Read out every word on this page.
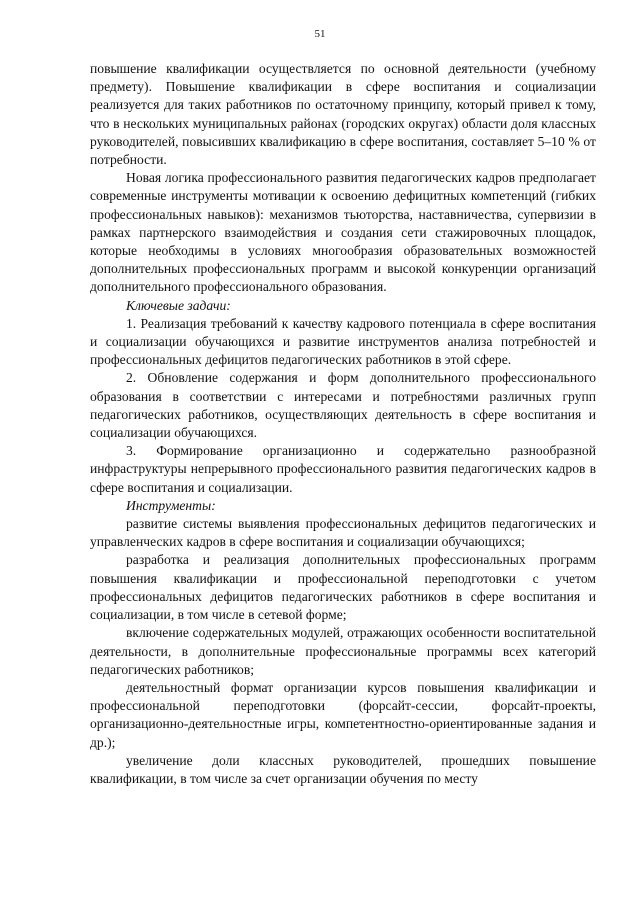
51

повышение квалификации осуществляется по основной деятельности (учебному предмету). Повышение квалификации в сфере воспитания и социализации реализуется для таких работников по остаточному принципу, который привел к тому, что в нескольких муниципальных районах (городских округах) области доля классных руководителей, повысивших квалификацию в сфере воспитания, составляет 5–10 % от потребности.

Новая логика профессионального развития педагогических кадров предполагает современные инструменты мотивации к освоению дефицитных компетенций (гибких профессиональных навыков): механизмов тьюторства, наставничества, супервизии в рамках партнерского взаимодействия и создания сети стажировочных площадок, которые необходимы в условиях многообразия образовательных возможностей дополнительных профессиональных программ и высокой конкуренции организаций дополнительного профессионального образования.

Ключевые задачи:

1. Реализация требований к качеству кадрового потенциала в сфере воспитания и социализации обучающихся и развитие инструментов анализа потребностей и профессиональных дефицитов педагогических работников в этой сфере.

2. Обновление содержания и форм дополнительного профессионального образования в соответствии с интересами и потребностями различных групп педагогических работников, осуществляющих деятельность в сфере воспитания и социализации обучающихся.

3. Формирование организационно и содержательно разнообразной инфраструктуры непрерывного профессионального развития педагогических кадров в сфере воспитания и социализации.

Инструменты:

развитие системы выявления профессиональных дефицитов педагогических и управленческих кадров в сфере воспитания и социализации обучающихся;

разработка и реализация дополнительных профессиональных программ повышения квалификации и профессиональной переподготовки с учетом профессиональных дефицитов педагогических работников в сфере воспитания и социализации, в том числе в сетевой форме;

включение содержательных модулей, отражающих особенности воспитательной деятельности, в дополнительные профессиональные программы всех категорий педагогических работников;

деятельностный формат организации курсов повышения квалификации и профессиональной переподготовки (форсайт-сессии, форсайт-проекты, организационно-деятельностные игры, компетентностно-ориентированные задания и др.);

увеличение доли классных руководителей, прошедших повышение квалификации, в том числе за счет организации обучения по месту
